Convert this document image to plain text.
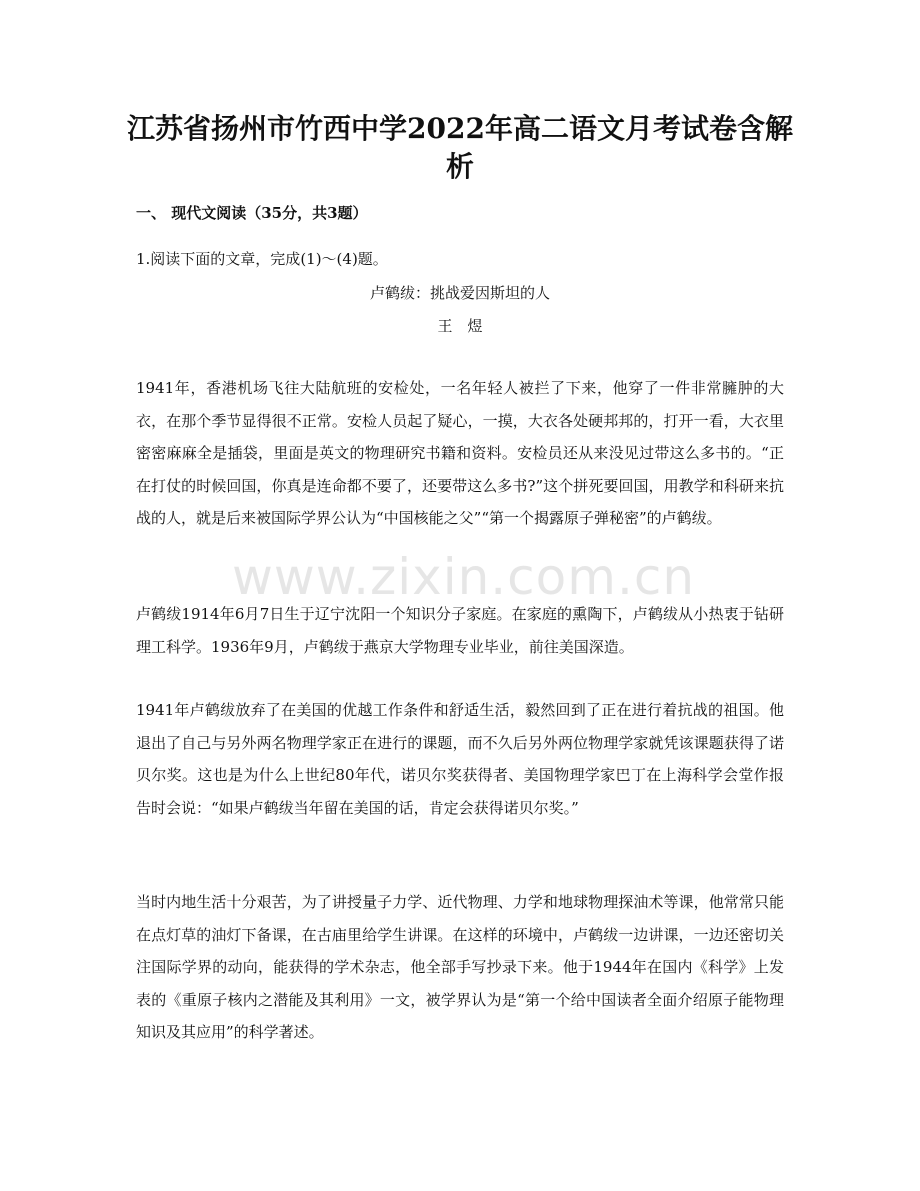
江苏省扬州市竹西中学2022年高二语文月考试卷含解析
一、 现代文阅读（35分，共3题）
1.阅读下面的文章，完成(1)～(4)题。
卢鹤绂：挑战爱因斯坦的人
王　煜

1941年，香港机场飞往大陆航班的安检处，一名年轻人被拦了下来，他穿了一件非常臃肿的大衣，在那个季节显得很不正常。安检人员起了疑心，一摸，大衣各处硬邦邦的，打开一看，大衣里密密麻麻全是插袋，里面是英文的物理研究书籍和资料。安检员还从来没见过带这么多书的。“正在打仗的时候回国，你真是连命都不要了，还要带这么多书?”这个拼死要回国，用教学和科研来抗战的人，就是后来被国际学界公认为“中国核能之父”“第一个揭露原子弹秘密”的卢鹤绂。

卢鹤绂1914年6月7日生于辽宁沈阳一个知识分子家庭。在家庭的熏陶下，卢鹤绂从小热衷于钻研理工科学。1936年9月，卢鹤绂于燕京大学物理专业毕业，前往美国深造。

1941年卢鹤绂放弃了在美国的优越工作条件和舒适生活，毅然回到了正在进行着抗战的祖国。他退出了自己与另外两名物理学家正在进行的课题，而不久后另外两位物理学家就凭该课题获得了诺贝尔奖。这也是为什么上世纪80年代，诺贝尔奖获得者、美国物理学家巴丁在上海科学会堂作报告时会说：“如果卢鹤绂当年留在美国的话，肯定会获得诺贝尔奖。”

当时内地生活十分艰苦，为了讲授量子力学、近代物理、力学和地球物理探油术等课，他常常只能在点灯草的油灯下备课，在古庙里给学生讲课。在这样的环境中，卢鹤绂一边讲课，一边还密切关注国际学界的动向，能获得的学术杂志，他全部手写抄录下来。他于1944年在国内《科学》上发表的《重原子核内之潜能及其利用》一文，被学界认为是“第一个给中国读者全面介绍原子能物理知识及其应用”的科学著述。

www.zixin.com.cn
